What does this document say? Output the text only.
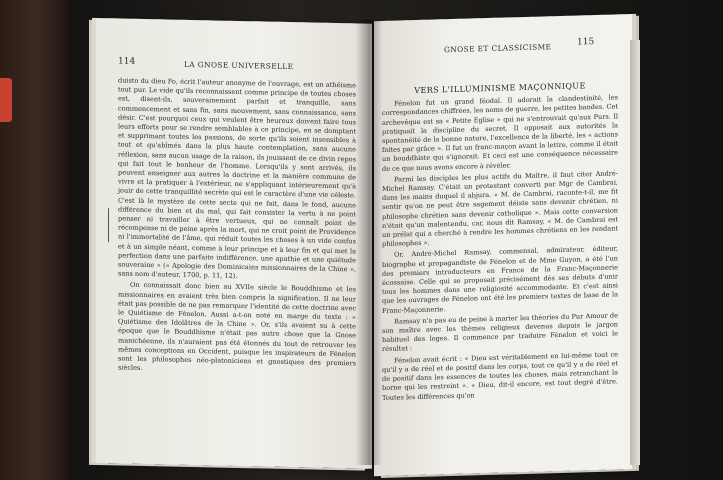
114	LA GNOSE UNIVERSELLE

duisto du dieu Fo, écrit l'auteur anonyme de l'ouvrage, est un athéisme tout pur. Le vide qu'ils reconnaissent comme principe de toutes choses est, disent-ils, souverainement parfait et tranquille, sans commencement et sans fin, sans mouvement, sans connaissance, sans désir. C'est pourquoi ceux qui veulent être heureux doivent faire tous leurs efforts pour se rendre semblables à ce principe, en se domptant et supprimant toutes les passions, de sorte qu'ils soient insensibles à tout et qu'abîmés dans la plus haute contemplation, sans aucune réflexion, sans aucun usage de la raison, ils jouissent de ce divin repos qui fait tout le bonheur de l'homme. Lorsqu'ils y sont arrivés, ils peuvent enseigner aux autres la doctrine et la manière commune de vivre et la pratiquer à l'extérieur, ne s'appliquant intérieurement qu'à jouir de cette tranquillité secrète qui est le caractère d'une vie céleste. C'est là le mystère de cette secte qui ne fait, dans le fond, aucune différence du bien et du mal, qui fait consister la vertu à ne point penser ni travailler à être vertueux, qui ne connaît point de récompense ni de peine après la mort, qui ne croit point de Providence ni l'immortalité de l'âme, qui réduit toutes les choses à un vide confus et à un simple néant, comme à leur principe et à leur fin et qui met la perfection dans une parfaite indifférence, une apathie et une quiétude souveraine » (« Apologie des Dominicains missionnaires de la Chine », sans nom d'auteur, 1700, p. 11, 12).

On connaissait donc bien au XVIIe siècle le Bouddhisme et les missionnaires en avaient très bien compris la signification. Il ne leur était pas possible de ne pas remarquer l'identité de cette doctrine avec le Quiétisme de Fénelon. Aussi a-t-on noté en marge du texte : « Quiétisme des Idolâtres de la Chine ». Or, s'ils avaient su à cette époque que le Bouddhisme n'était pas autre chose que la Gnose manichéenne, ils n'auraient pas été étonnés du tout de retrouver les mêmes conceptions en Occident, puisque les inspirateurs de Fénelon sont les philosophes néo-platoniciens et gnostiques des premiers siècles.

GNOSE ET CLASSICISME	115
VERS L'ILLUMINISME MAÇONNIQUE

Fénelon fut un grand féodal. Il adorait la clandestinité, les correspondances chiffrées, les noms de guerre, les petites bandes. Cet archevêque est sa « Petite Eglise » qui ne s'entrouvait qu'aux Purs. Il pratiquait la discipline du secret. Il opposait aux autorités la spontanéité de la bonne nature, l'excellence de la liberté, les « actions faites par grâce ». Il fut un franc-maçon avant la lettre, comme il était un bouddhiste qui s'ignorait. Et ceci est une conséquence nécessaire de ce que nous avons encore à révéler.

Parmi les disciples les plus actifs du Maître, il faut citer André-Michel Ramsay. C'était un protestant converti par Mgr de Cambrai, dans les mains duquel il abjura. « M. de Cambrai, raconte-t-il, me fit sentir qu'on ne peut être sagement déiste sans devenir chrétien, ni philosophe chrétien sans devenir catholique ». Mais cette conversion n'était qu'un malentendu, car, nous dit Ramsay, « M. de Cambrai est un prélat qui a cherché à rendre les hommes chrétiens en les rendant philosophes ».

Or, André-Michel Ramsay, commensal, admirateur, éditeur, biographe et propagandiste de Fénelon et de Mme Guyon, a été l'un des premiers introducteurs en France de la Franc-Maçonnerie écossaise. Celle qui se proposait précisément dès ses débuts d'unir tous les hommes dans une religiosité accommodante. Et c'est ainsi que les ouvrages de Fénelon ont été les premiers textes de base de la Franc-Maçonnerie.

Ramsay n'a pas eu de peine à marier les théories du Pur Amour de son maître avec les thèmes religieux devenus depuis le jargon habituel des loges. Il commence par traduire Fénelon et voici le résultat :

Fénelon avait écrit : « Dieu est véritablement en lui-même tout ce qu'il y a de réel et de positif dans les corps, tout ce qu'il y a de réel et de positif dans les essences de toutes les choses, mais retranchant la borne qui les restreint ». « Dieu, dit-il encore, est tout degré d'être. Toutes les différences qu'on
